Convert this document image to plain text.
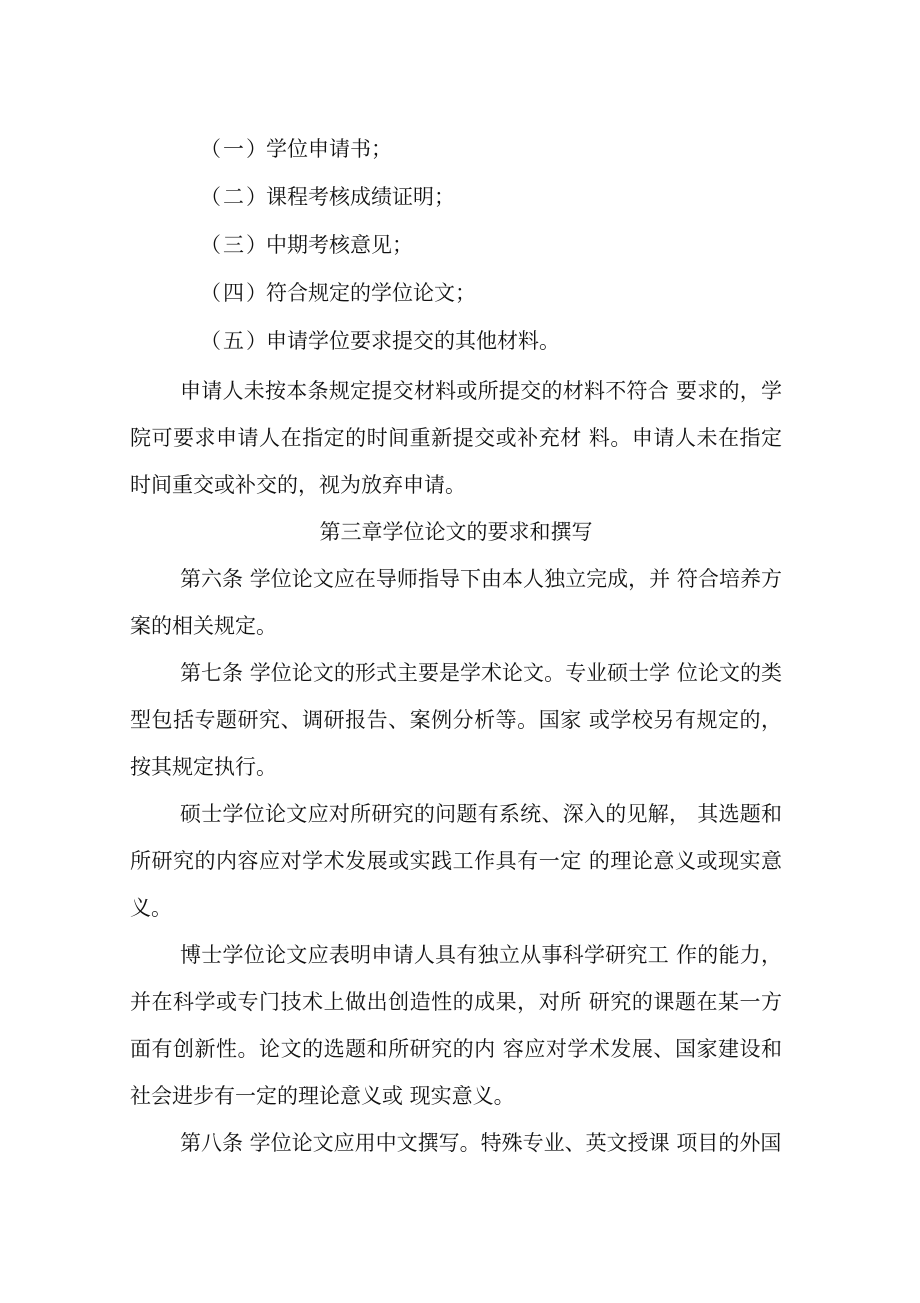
（一）学位申请书；
（二）课程考核成绩证明；
（三）中期考核意见；
（四）符合规定的学位论文；
（五）申请学位要求提交的其他材料。

申请人未按本条规定提交材料或所提交的材料不符合 要求的，学院可要求申请人在指定的时间重新提交或补充材 料。申请人未在指定时间重交或补交的，视为放弃申请。

第三章学位论文的要求和撰写

第六条 学位论文应在导师指导下由本人独立完成，并 符合培养方案的相关规定。

第七条 学位论文的形式主要是学术论文。专业硕士学 位论文的类型包括专题研究、调研报告、案例分析等。国家 或学校另有规定的，按其规定执行。

硕士学位论文应对所研究的问题有系统、深入的见解， 其选题和所研究的内容应对学术发展或实践工作具有一定 的理论意义或现实意义。

博士学位论文应表明申请人具有独立从事科学研究工 作的能力，并在科学或专门技术上做出创造性的成果，对所 研究的课题在某一方面有创新性。论文的选题和所研究的内 容应对学术发展、国家建设和社会进步有一定的理论意义或 现实意义。

第八条 学位论文应用中文撰写。特殊专业、英文授课 项目的外国
